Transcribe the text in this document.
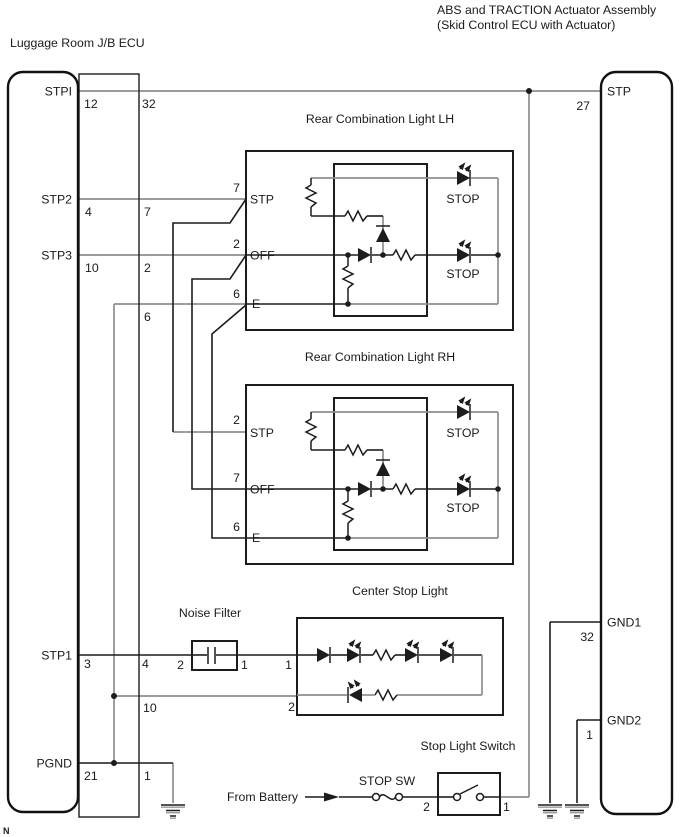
Luggage Room J/B ECU
ABS and TRACTION Actuator Assembly
(Skid Control ECU with Actuator)
N
STPI
STP2
STP3
STP1
PGND
12	32
4	7
10	2
6
3	4
10
21	1
STP
GND1
GND2
27
32
1
Rear Combination Light LH
STOP
STOP
7
STP
2
OFF
6
E
Rear Combination Light RH
STOP
STOP
2
STP
7
OFF
6
E
Center Stop Light
1
2
Noise Filter
2	1
Stop Light Switch
From Battery
STOP SW
2	1
